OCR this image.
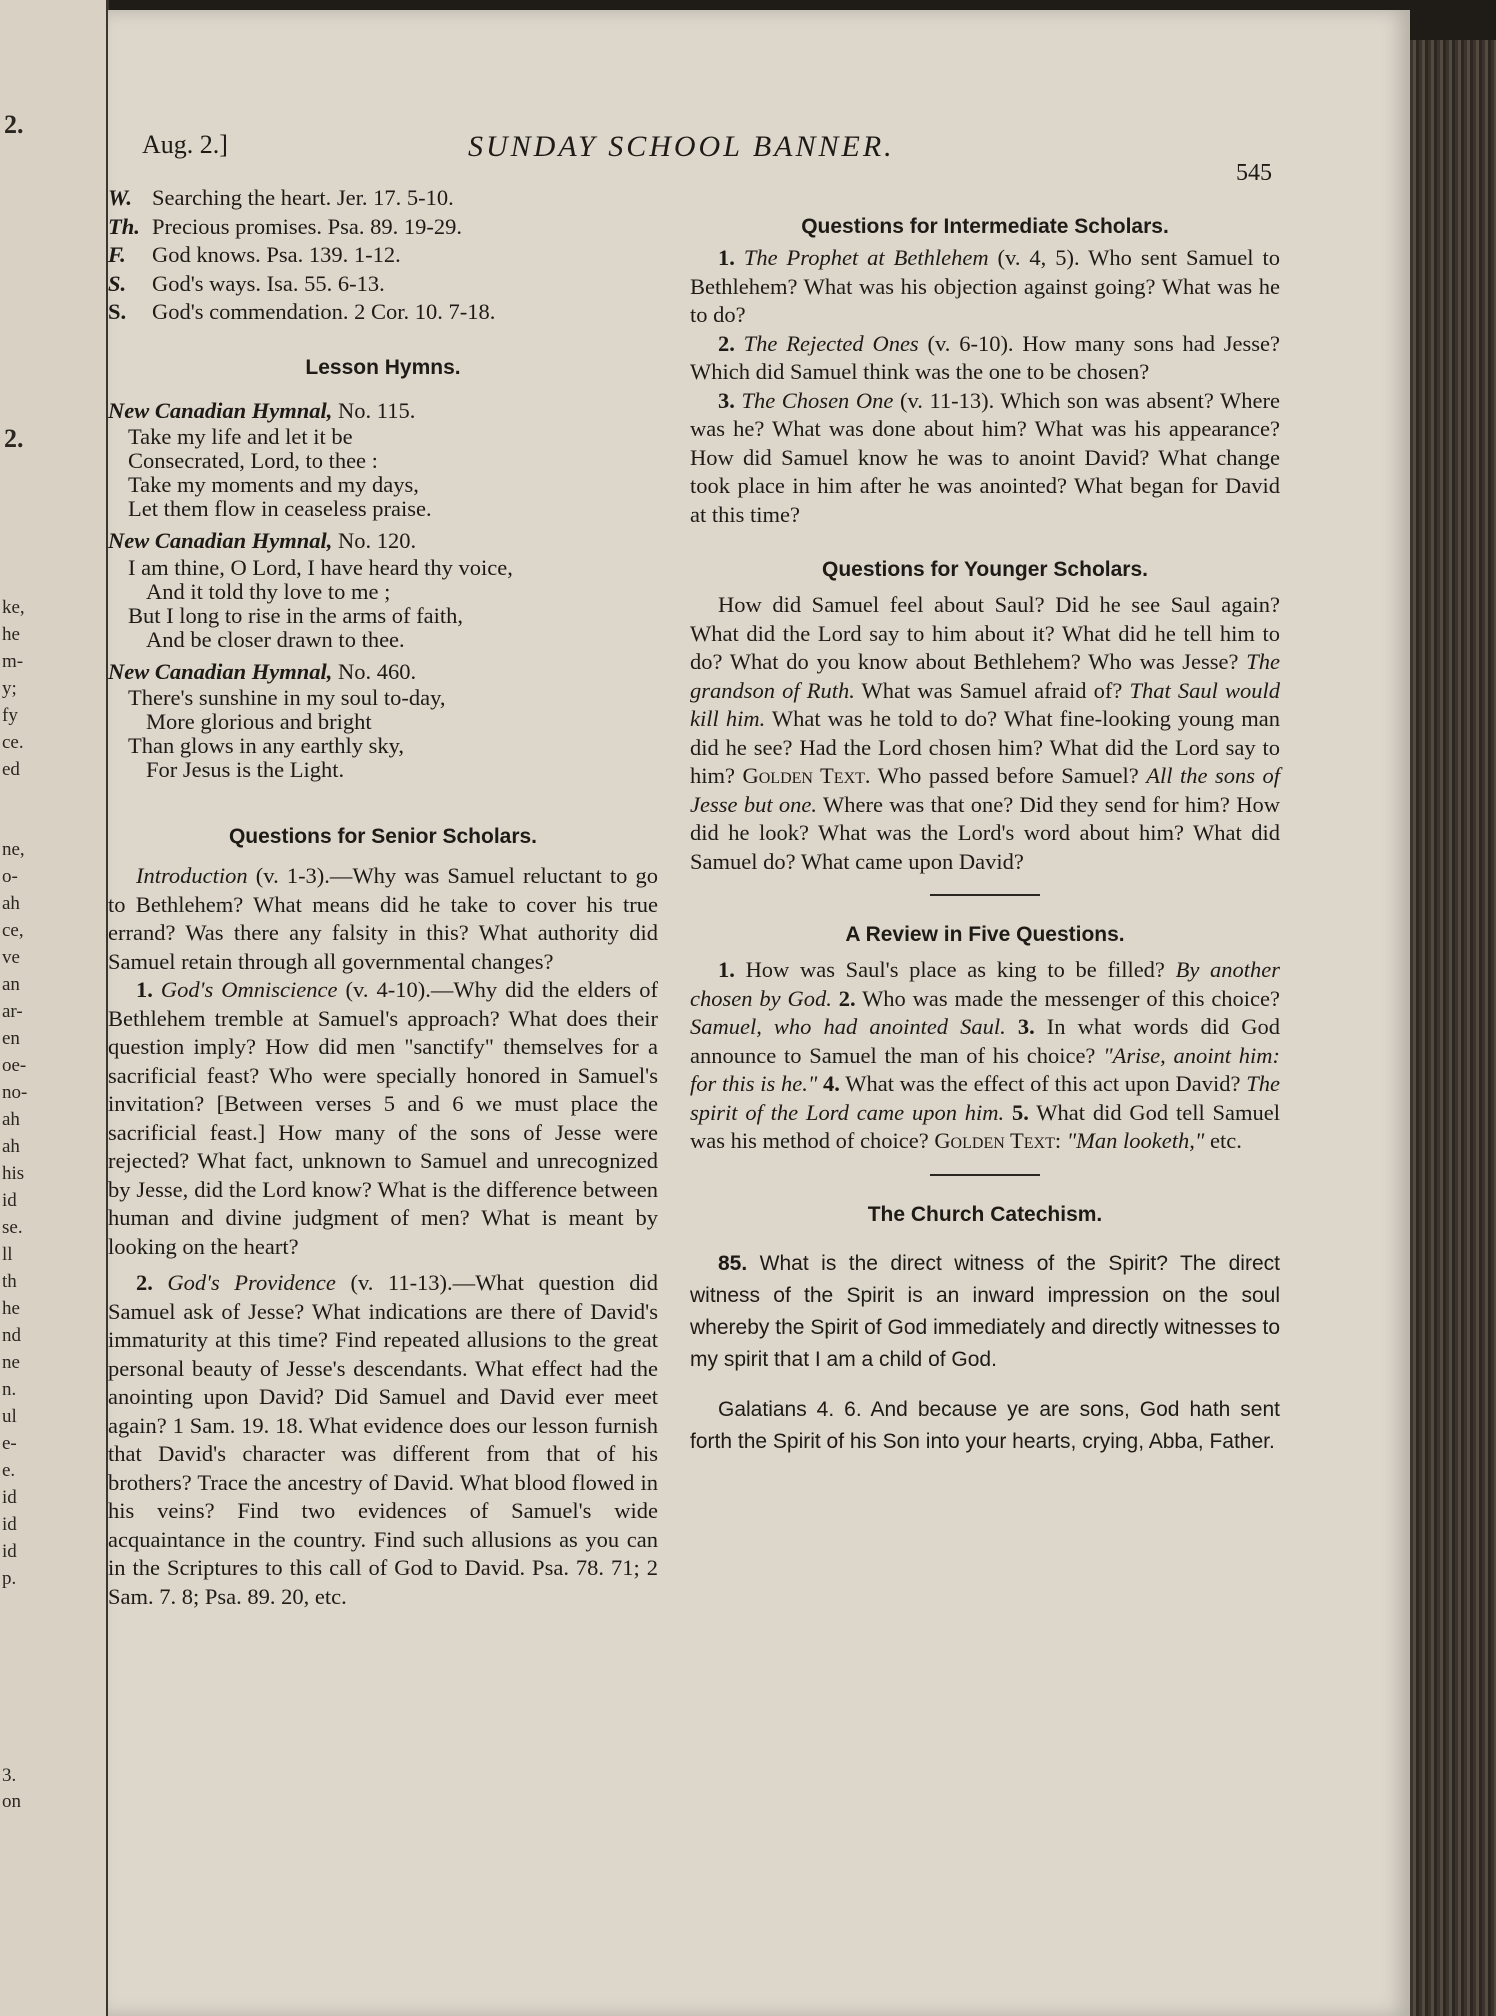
2.
2.
ke,
he
m-
y;
fy
ce.
ed
ne,
o-
ah
ce,
ve
an
ar-
en
oe-
no-
ah
ah
his
id
se.
ll
th
he
nd
ne
n.
ul
e-
e.
id
id
id
p.
3.
on
Aug. 2.]	SUNDAY SCHOOL BANNER.
545

W. Searching the heart. Jer. 17. 5-10.

Th. Precious promises. Psa. 89. 19-29.

F. God knows. Psa. 139. 1-12.

S. God's ways. Isa. 55. 6-13.

S. God's commendation. 2 Cor. 10. 7-18.

Lesson Hymns.

New Canadian Hymnal, No. 115.

Take my life and let it be
Consecrated, Lord, to thee :
Take my moments and my days,
Let them flow in ceaseless praise.

New Canadian Hymnal, No. 120.

I am thine, O Lord, I have heard thy voice,
And it told thy love to me ;
But I long to rise in the arms of faith,
And be closer drawn to thee.

New Canadian Hymnal, No. 460.

There's sunshine in my soul to-day,
More glorious and bright
Than glows in any earthly sky,
For Jesus is the Light.
Questions for Senior Scholars.

Introduction (v. 1-3).—Why was Samuel reluctant to go to Bethlehem? What means did he take to cover his true errand? Was there any falsity in this? What authority did Samuel retain through all governmental changes?

1. God's Omniscience (v. 4-10).—Why did the elders of Bethlehem tremble at Samuel's approach? What does their question imply? How did men "sanctify" themselves for a sacrificial feast? Who were specially honored in Samuel's invitation? [Between verses 5 and 6 we must place the sacrificial feast.] How many of the sons of Jesse were rejected? What fact, unknown to Samuel and unrecognized by Jesse, did the Lord know? What is the difference between human and divine judgment of men? What is meant by looking on the heart?

2. God's Providence (v. 11-13).—What question did Samuel ask of Jesse? What indications are there of David's immaturity at this time? Find repeated allusions to the great personal beauty of Jesse's descendants. What effect had the anointing upon David? Did Samuel and David ever meet again? 1 Sam. 19. 18. What evidence does our lesson furnish that David's character was different from that of his brothers? Trace the ancestry of David. What blood flowed in his veins? Find two evidences of Samuel's wide acquaintance in the country. Find such allusions as you can in the Scriptures to this call of God to David. Psa. 78. 71; 2 Sam. 7. 8; Psa. 89. 20, etc.

Questions for Intermediate Scholars.

1. The Prophet at Bethlehem (v. 4, 5). Who sent Samuel to Bethlehem? What was his objection against going? What was he to do?

2. The Rejected Ones (v. 6-10). How many sons had Jesse? Which did Samuel think was the one to be chosen?

3. The Chosen One (v. 11-13). Which son was absent? Where was he? What was done about him? What was his appearance? How did Samuel know he was to anoint David? What change took place in him after he was anointed? What began for David at this time?

Questions for Younger Scholars.

How did Samuel feel about Saul? Did he see Saul again? What did the Lord say to him about it? What did he tell him to do? What do you know about Bethlehem? Who was Jesse? The grandson of Ruth. What was Samuel afraid of? That Saul would kill him. What was he told to do? What fine-looking young man did he see? Had the Lord chosen him? What did the Lord say to him? Golden Text. Who passed before Samuel? All the sons of Jesse but one. Where was that one? Did they send for him? How did he look? What was the Lord's word about him? What did Samuel do? What came upon David?

A Review in Five Questions.

1. How was Saul's place as king to be filled? By another chosen by God. 2. Who was made the messenger of this choice? Samuel, who had anointed Saul. 3. In what words did God announce to Samuel the man of his choice? "Arise, anoint him: for this is he." 4. What was the effect of this act upon David? The spirit of the Lord came upon him. 5. What did God tell Samuel was his method of choice? Golden Text: "Man looketh," etc.

The Church Catechism.

85. What is the direct witness of the Spirit? The direct witness of the Spirit is an inward impression on the soul whereby the Spirit of God immediately and directly witnesses to my spirit that I am a child of God.

Galatians 4. 6. And because ye are sons, God hath sent forth the Spirit of his Son into your hearts, crying, Abba, Father.
